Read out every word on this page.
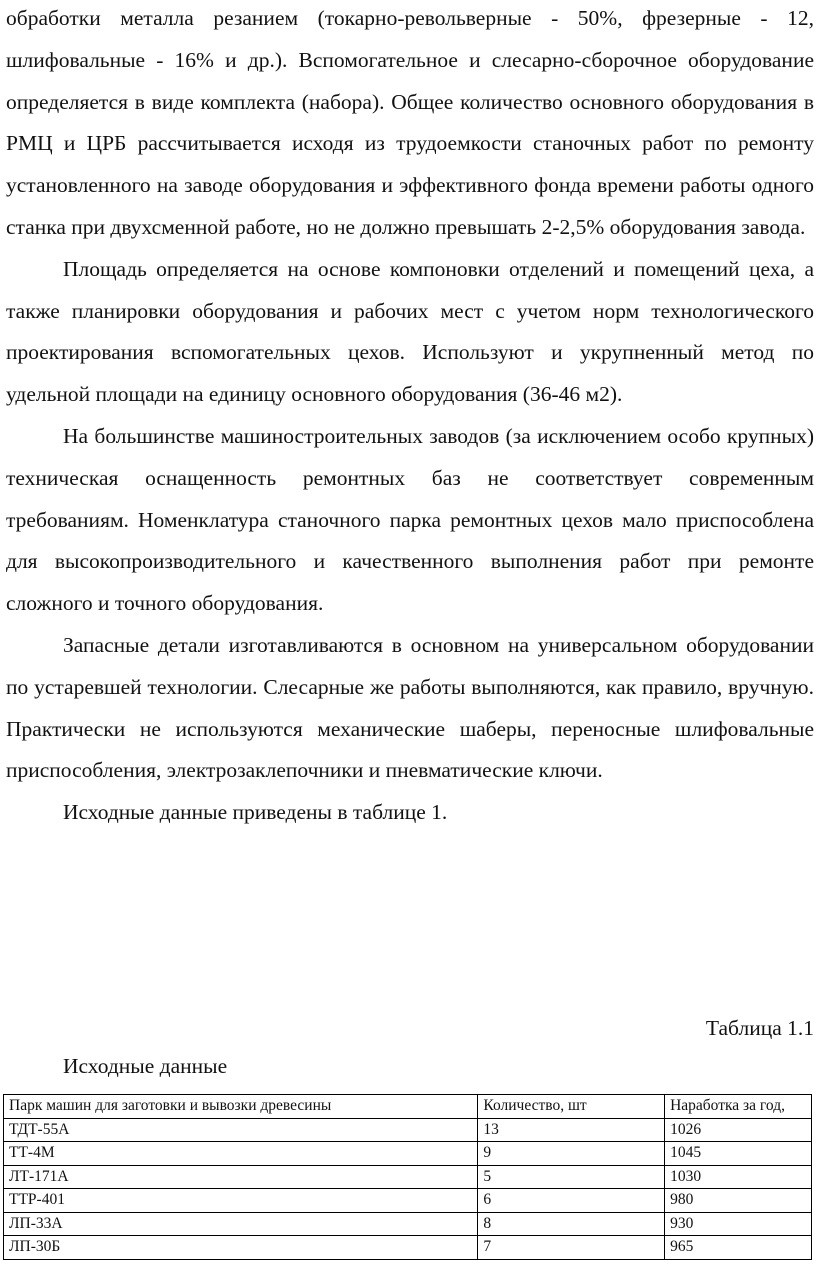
обработки металла резанием (токарно-револьверные - 50%, фрезерные - 12, шлифовальные - 16% и др.). Вспомогательное и слесарно-сборочное оборудование определяется в виде комплекта (набора). Общее количество основного оборудования в РМЦ и ЦРБ рассчитывается исходя из трудоемкости станочных работ по ремонту установленного на заводе оборудования и эффективного фонда времени работы одного станка при двухсменной работе, но не должно превышать 2-2,5% оборудования завода.

Площадь определяется на основе компоновки отделений и помещений цеха, а также планировки оборудования и рабочих мест с учетом норм технологического проектирования вспомогательных цехов. Используют и укрупненный метод по удельной площади на единицу основного оборудования (36-46 м2).

На большинстве машиностроительных заводов (за исключением особо крупных) техническая оснащенность ремонтных баз не соответствует современным требованиям. Номенклатура станочного парка ремонтных цехов мало приспособлена для высокопроизводительного и качественного выполнения работ при ремонте сложного и точного оборудования.

Запасные детали изготавливаются в основном на универсальном оборудовании по устаревшей технологии. Слесарные же работы выполняются, как правило, вручную. Практически не используются механические шаберы, переносные шлифовальные приспособления, электрозаклепочники и пневматические ключи.

Исходные данные приведены в таблице 1.

Таблица 1.1

Исходные данные

Парк машин для заготовки и вывозки древесины	Количество, шт	Наработка за год,
ТДТ-55А	13	1026
ТТ-4М	9	1045
ЛТ-171А	5	1030
ТТР-401	6	980
ЛП-33А	8	930
ЛП-30Б	7	965
